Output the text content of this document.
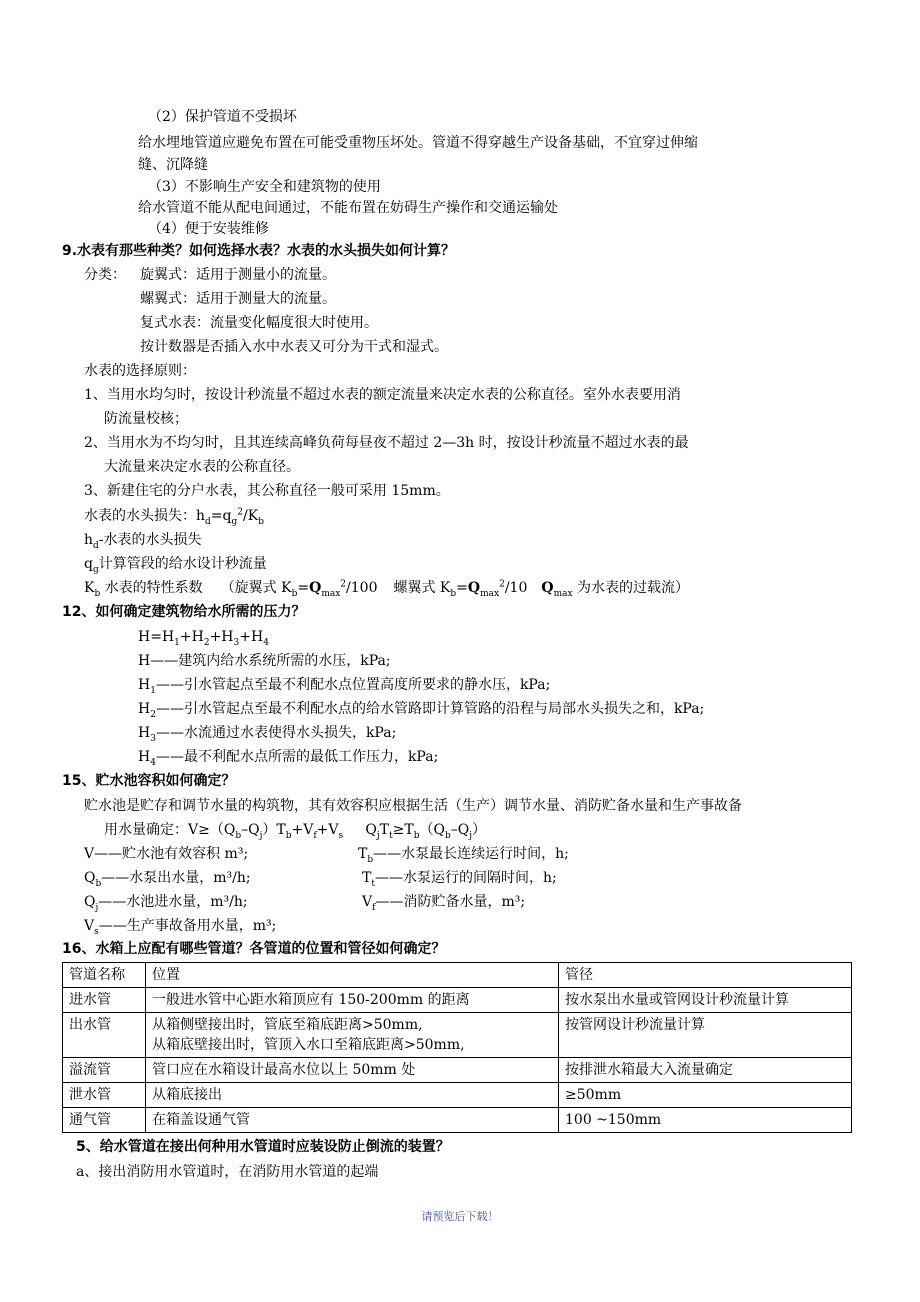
（2）保护管道不受损坏
给水埋地管道应避免布置在可能受重物压坏处。管道不得穿越生产设备基础，不宜穿过伸缩
缝、沉降缝
（3）不影响生产安全和建筑物的使用
给水管道不能从配电间通过，不能布置在妨碍生产操作和交通运输处
（4）便于安装维修
9.水表有那些种类？如何选择水表？水表的水头损失如何计算？
分类： 旋翼式：适用于测量小的流量。
螺翼式：适用于测量大的流量。
复式水表：流量变化幅度很大时使用。
按计数器是否插入水中水表又可分为干式和湿式。
水表的选择原则：
1、当用水均匀时，按设计秒流量不超过水表的额定流量来决定水表的公称直径。室外水表要用消
防流量校核；
2、当用水为不均匀时，且其连续高峰负荷每昼夜不超过 2—3h 时，按设计秒流量不超过水表的最
大流量来决定水表的公称直径。
3、新建住宅的分户水表，其公称直径一般可采用 15mm。
水表的水头损失：$h_d=q_g^2/K_b$
$h_d-$水表的水头损失
$q_g$计算管段的给水设计秒流量
$K_b$ 水表的特性系数 （旋翼式 $K_b=Q_{max}^2/100$ 螺翼式 $K_b=Q_{max}^2/10$ $Q_{max}$ 为水表的过载流）
12、如何确定建筑物给水所需的压力？
$H=H_1+H_2+H_3+H_4$
H——建筑内给水系统所需的水压，kPa;
$H_1——$引水管起点至最不利配水点位置高度所要求的静水压，kPa;
$H_2——$引水管起点至最不利配水点的给水管路即计算管路的沿程与局部水头损失之和，kPa;
$H_3——$水流通过水表使得水头损失，kPa;
$H_4——$最不利配水点所需的最低工作压力，kPa;
15、贮水池容积如何确定？
贮水池是贮存和调节水量的构筑物，其有效容积应根据生活（生产）调节水量、消防贮备水量和生产事故备
用水量确定：$V\ge(Q_b-Q_j)T_b+V_f+V_s$     $Q_jT_t\ge T_b(Q_b-Q_j)$
V——贮水池有效容积 m³;	$T_b——$水泵最长连续运行时间，h;
$Q_b——$水泵出水量，m³/h;	$T_t——$水泵运行的间隔时间，h;
$Q_j——$水池进水量，m³/h;	$V_f——$消防贮备水量，m³;
$V_s——$生产事故备用水量，m³;
16、水箱上应配有哪些管道？各管道的位置和管径如何确定？
管道名称	位置	管径
进水管	一般进水管中心距水箱顶应有 150-200mm 的距离	按水泵出水量或管网设计秒流量计算
出水管	从箱侧壁接出时，管底至箱底距离>50mm,
从箱底壁接出时，管顶入水口至箱底距离>50mm,	按管网设计秒流量计算
溢流管	管口应在水箱设计最高水位以上 50mm 处	按排泄水箱最大入流量确定
泄水管	从箱底接出	≥50mm
通气管	在箱盖设通气管	100 ~150mm
5、给水管道在接出何种用水管道时应装设防止倒流的装置？
a、接出消防用水管道时，在消防用水管道的起端
请预览后下载！
